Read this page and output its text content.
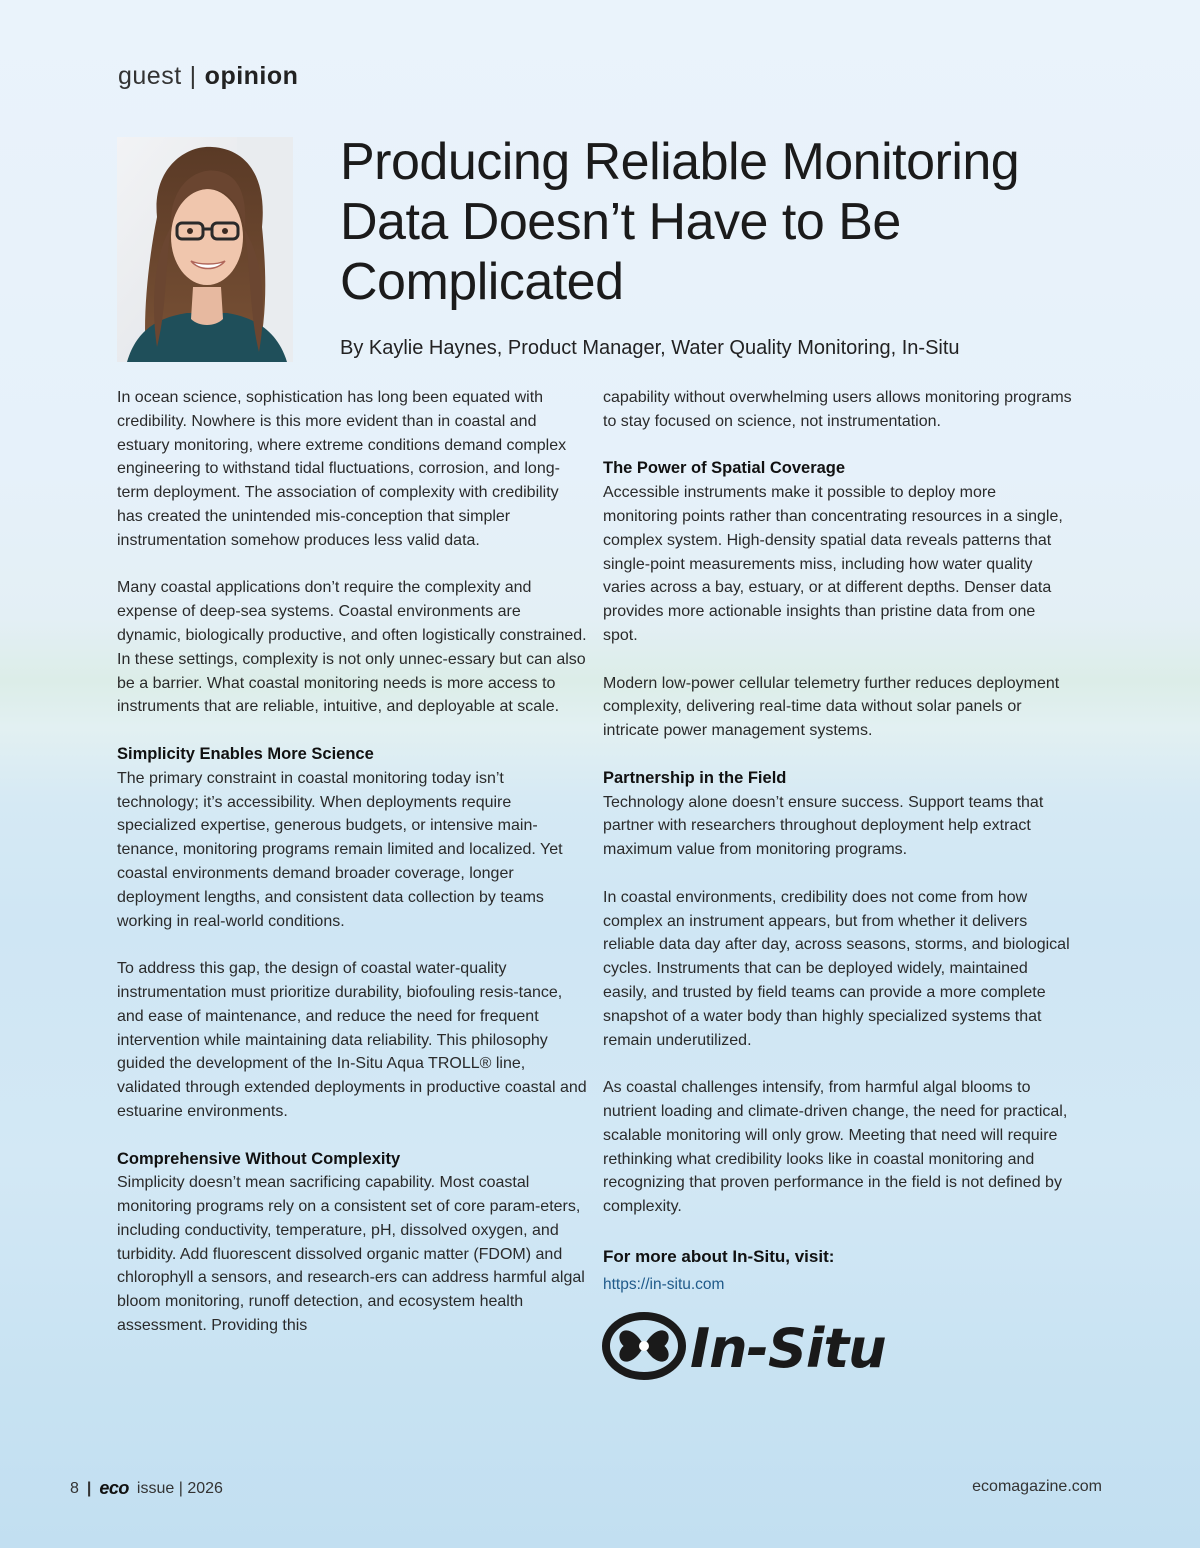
guest | opinion
Producing Reliable Monitoring Data Doesn’t Have to Be Complicated
By Kaylie Haynes, Product Manager, Water Quality Monitoring, In-Situ

In ocean science, sophistication has long been equated with credibility. Nowhere is this more evident than in coastal and estuary monitoring, where extreme conditions demand complex engineering to withstand tidal fluctuations, corrosion, and long-term deployment. The association of complexity with credibility has created the unintended mis-conception that simpler instrumentation somehow produces less valid data.

Many coastal applications don’t require the complexity and expense of deep-sea systems. Coastal environments are dynamic, biologically productive, and often logistically constrained. In these settings, complexity is not only unnec-essary but can also be a barrier. What coastal monitoring needs is more access to instruments that are reliable, intuitive, and deployable at scale.

Simplicity Enables More Science

The primary constraint in coastal monitoring today isn’t technology; it’s accessibility. When deployments require specialized expertise, generous budgets, or intensive main-tenance, monitoring programs remain limited and localized. Yet coastal environments demand broader coverage, longer deployment lengths, and consistent data collection by teams working in real-world conditions.

To address this gap, the design of coastal water-quality instrumentation must prioritize durability, biofouling resis-tance, and ease of maintenance, and reduce the need for frequent intervention while maintaining data reliability. This philosophy guided the development of the In-Situ Aqua TROLL® line, validated through extended deployments in productive coastal and estuarine environments.

Comprehensive Without Complexity

Simplicity doesn’t mean sacrificing capability. Most coastal monitoring programs rely on a consistent set of core param-eters, including conductivity, temperature, pH, dissolved oxygen, and turbidity. Add fluorescent dissolved organic matter (FDOM) and chlorophyll a sensors, and research-ers can address harmful algal bloom monitoring, runoff detection, and ecosystem health assessment. Providing this

capability without overwhelming users allows monitoring programs to stay focused on science, not instrumentation.

The Power of Spatial Coverage

Accessible instruments make it possible to deploy more monitoring points rather than concentrating resources in a single, complex system. High-density spatial data reveals patterns that single-point measurements miss, including how water quality varies across a bay, estuary, or at different depths. Denser data provides more actionable insights than pristine data from one spot.

Modern low-power cellular telemetry further reduces deployment complexity, delivering real-time data without solar panels or intricate power management systems.

Partnership in the Field

Technology alone doesn’t ensure success. Support teams that partner with researchers throughout deployment help extract maximum value from monitoring programs.

In coastal environments, credibility does not come from how complex an instrument appears, but from whether it delivers reliable data day after day, across seasons, storms, and biological cycles. Instruments that can be deployed widely, maintained easily, and trusted by field teams can provide a more complete snapshot of a water body than highly specialized systems that remain underutilized.

As coastal challenges intensify, from harmful algal blooms to nutrient loading and climate-driven change, the need for practical, scalable monitoring will only grow. Meeting that need will require rethinking what credibility looks like in coastal monitoring and recognizing that proven performance in the field is not defined by complexity.

For more about In-Situ, visit:
https://in-situ.com
In-Situ
8 | eco issue | 2026	ecomagazine.com
